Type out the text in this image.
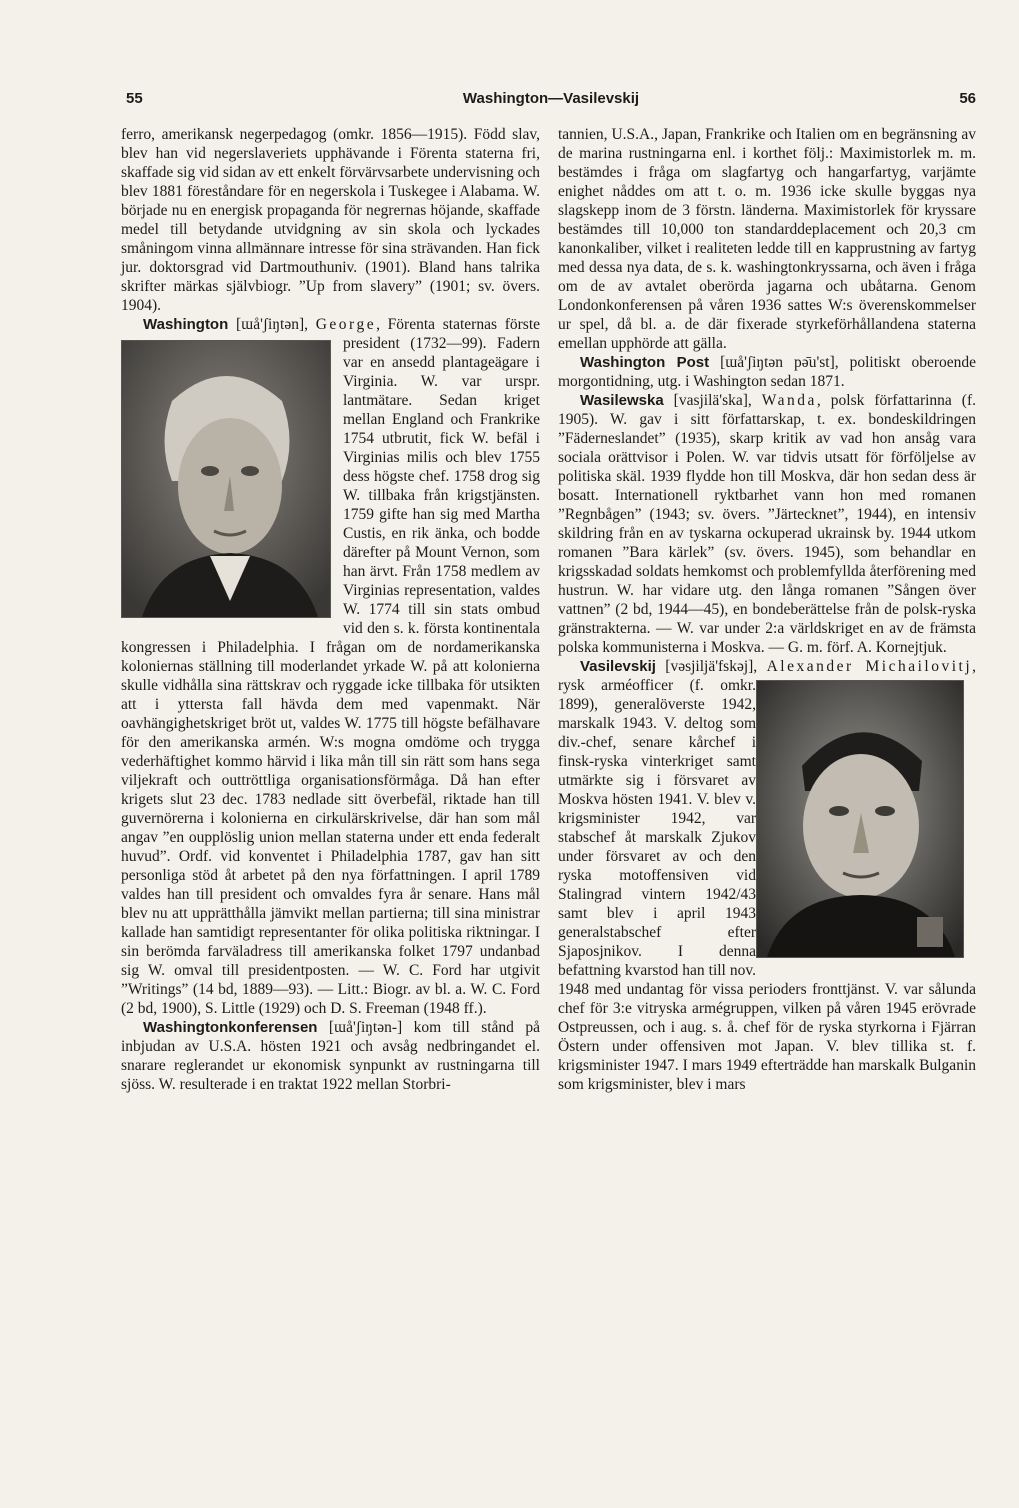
55	Washington—Vasilevskij	56

ferro, amerikansk negerpedagog (omkr. 1856—1915). Född slav, blev han vid negerslaveriets upphävande i Förenta staterna fri, skaffade sig vid sidan av ett enkelt förvärvsarbete undervisning och blev 1881 föreståndare för en negerskola i Tuskegee i Alabama. W. började nu en energisk propaganda för negrernas höjande, skaffade medel till betydande utvidgning av sin skola och lyckades småningom vinna allmännare intresse för sina strävanden. Han fick jur. doktorsgrad vid Dartmouthuniv. (1901). Bland hans talrika skrifter märkas självbiogr. ”Up from slavery” (1901; sv. övers. 1904).

Washington [ɯå'ʃiŋtən], George
, Förenta staternas förste president (1732—99). Fadern var en ansedd plantageägare i Virginia. W. var urspr. lantmätare. Sedan kriget mellan England och Frankrike 1754 utbrutit, fick W. befäl i Virginias milis och blev 1755 dess högste chef. 1758 drog sig W. tillbaka från krigstjänsten. 1759 gifte han sig med Martha Custis, en rik änka, och bodde därefter på Mount Vernon, som han ärvt. Från 1758 medlem av Virginias representation, valdes W. 1774 till sin stats ombud vid den s. k. första kontinentala kongressen i Philadelphia. I frågan om de nordamerikanska koloniernas ställning till moderlandet yrkade W. på att kolonierna skulle vidhålla sina rättskrav och ryggade icke tillbaka för utsikten att i yttersta fall hävda dem med vapenmakt. När oavhängighetskriget bröt ut, valdes W. 1775 till högste befälhavare för den amerikanska armén. W:s mogna omdöme och trygga vederhäftighet kommo härvid i lika mån till sin rätt som hans sega viljekraft och outtröttliga organisationsförmåga. Då han efter krigets slut 23 dec. 1783 nedlade sitt överbefäl, riktade han till guvernörerna i kolonierna en cirkulärskrivelse, där han som mål angav ”en oupplöslig union mellan staterna under ett enda federalt huvud”. Ordf. vid konventet i Philadelphia 1787, gav han sitt personliga stöd åt arbetet på den nya författningen. I april 1789 valdes han till president och omvaldes fyra år senare. Hans mål blev nu att upprätthålla jämvikt mellan partierna; till sina ministrar kallade han samtidigt representanter för olika politiska riktningar. I sin berömda farväladress till amerikanska folket 1797 undanbad sig W. omval till presidentposten. — W. C. Ford har utgivit ”Writings” (14 bd, 1889—93). — Litt.: Biogr. av bl. a. W. C. Ford (2 bd, 1900), S. Little (1929) och D. S. Freeman (1948 ff.).

Washingtonkonferensen [ɯå'ʃiŋtən-] kom till stånd på inbjudan av U.S.A. hösten 1921 och avsåg nedbringandet el. snarare reglerandet ur ekonomisk synpunkt av rustningarna till sjöss. W. resulterade i en traktat 1922 mellan Storbri-

tannien, U.S.A., Japan, Frankrike och Italien om en begränsning av de marina rustningarna enl. i korthet följ.: Maximistorlek m. m. bestämdes i fråga om slagfartyg och hangarfartyg, varjämte enighet nåddes om att t. o. m. 1936 icke skulle byggas nya slagskepp inom de 3 förstn. länderna. Maximistorlek för kryssare bestämdes till 10,000 ton standarddeplacement och 20,3 cm kanonkaliber, vilket i realiteten ledde till en kapprustning av fartyg med dessa nya data, de s. k. washingtonkryssarna, och även i fråga om de av avtalet oberörda jagarna och ubåtarna. Genom Londonkonferensen på våren 1936 sattes W:s överenskommelser ur spel, då bl. a. de där fixerade styrkeförhållandena staterna emellan upphörde att gälla.

Washington Post [ɯå'ʃiŋtən pǝ̄u'st], politiskt oberoende morgontidning, utg. i Washington sedan 1871.

Wasilewska [vasjilä'ska], Wanda, polsk författarinna (f. 1905). W. gav i sitt författarskap, t. ex. bondeskildringen ”Fäderneslandet” (1935), skarp kritik av vad hon ansåg vara sociala orättvisor i Polen. W. var tidvis utsatt för förföljelse av politiska skäl. 1939 flydde hon till Moskva, där hon sedan dess är bosatt. Internationell ryktbarhet vann hon med romanen ”Regnbågen” (1943; sv. övers. ”Järtecknet”, 1944), en intensiv skildring från en av tyskarna ockuperad ukrainsk by. 1944 utkom romanen ”Bara kärlek” (sv. övers. 1945), som behandlar en krigsskadad soldats hemkomst och problemfyllda återförening med hustrun. W. har vidare utg. den långa romanen ”Sången över vattnen” (2 bd, 1944—45), en bondeberättelse från de polsk-ryska gränstrakterna. — W. var under 2:a världskriget en av de främsta polska kommunisterna i Moskva. — G. m. förf. A. Kornejtjuk.

Vasilevskij [vəsjiljä'fskəj], Alexander Michailovitj
, rysk arméofficer (f. omkr. 1899), generalöverste 1942, marskalk 1943. V. deltog som div.-chef, senare kårchef i finsk-ryska vinterkriget samt utmärkte sig i försvaret av Moskva hösten 1941. V. blev v. krigsminister 1942, var stabschef åt marskalk Zjukov under försvaret av och den ryska motoffensiven vid Stalingrad vintern 1942/43 samt blev i april 1943 generalstabschef efter Sjaposjnikov. I denna befattning kvarstod han till nov. 1948 med undantag för vissa perioders fronttjänst. V. var sålunda chef för 3:e vitryska armégruppen, vilken på våren 1945 erövrade Ostpreussen, och i aug. s. å. chef för de ryska styrkorna i Fjärran Östern under offensiven mot Japan. V. blev tillika st. f. krigsminister 1947. I mars 1949 efterträdde han marskalk Bulganin som krigsminister, blev i mars
